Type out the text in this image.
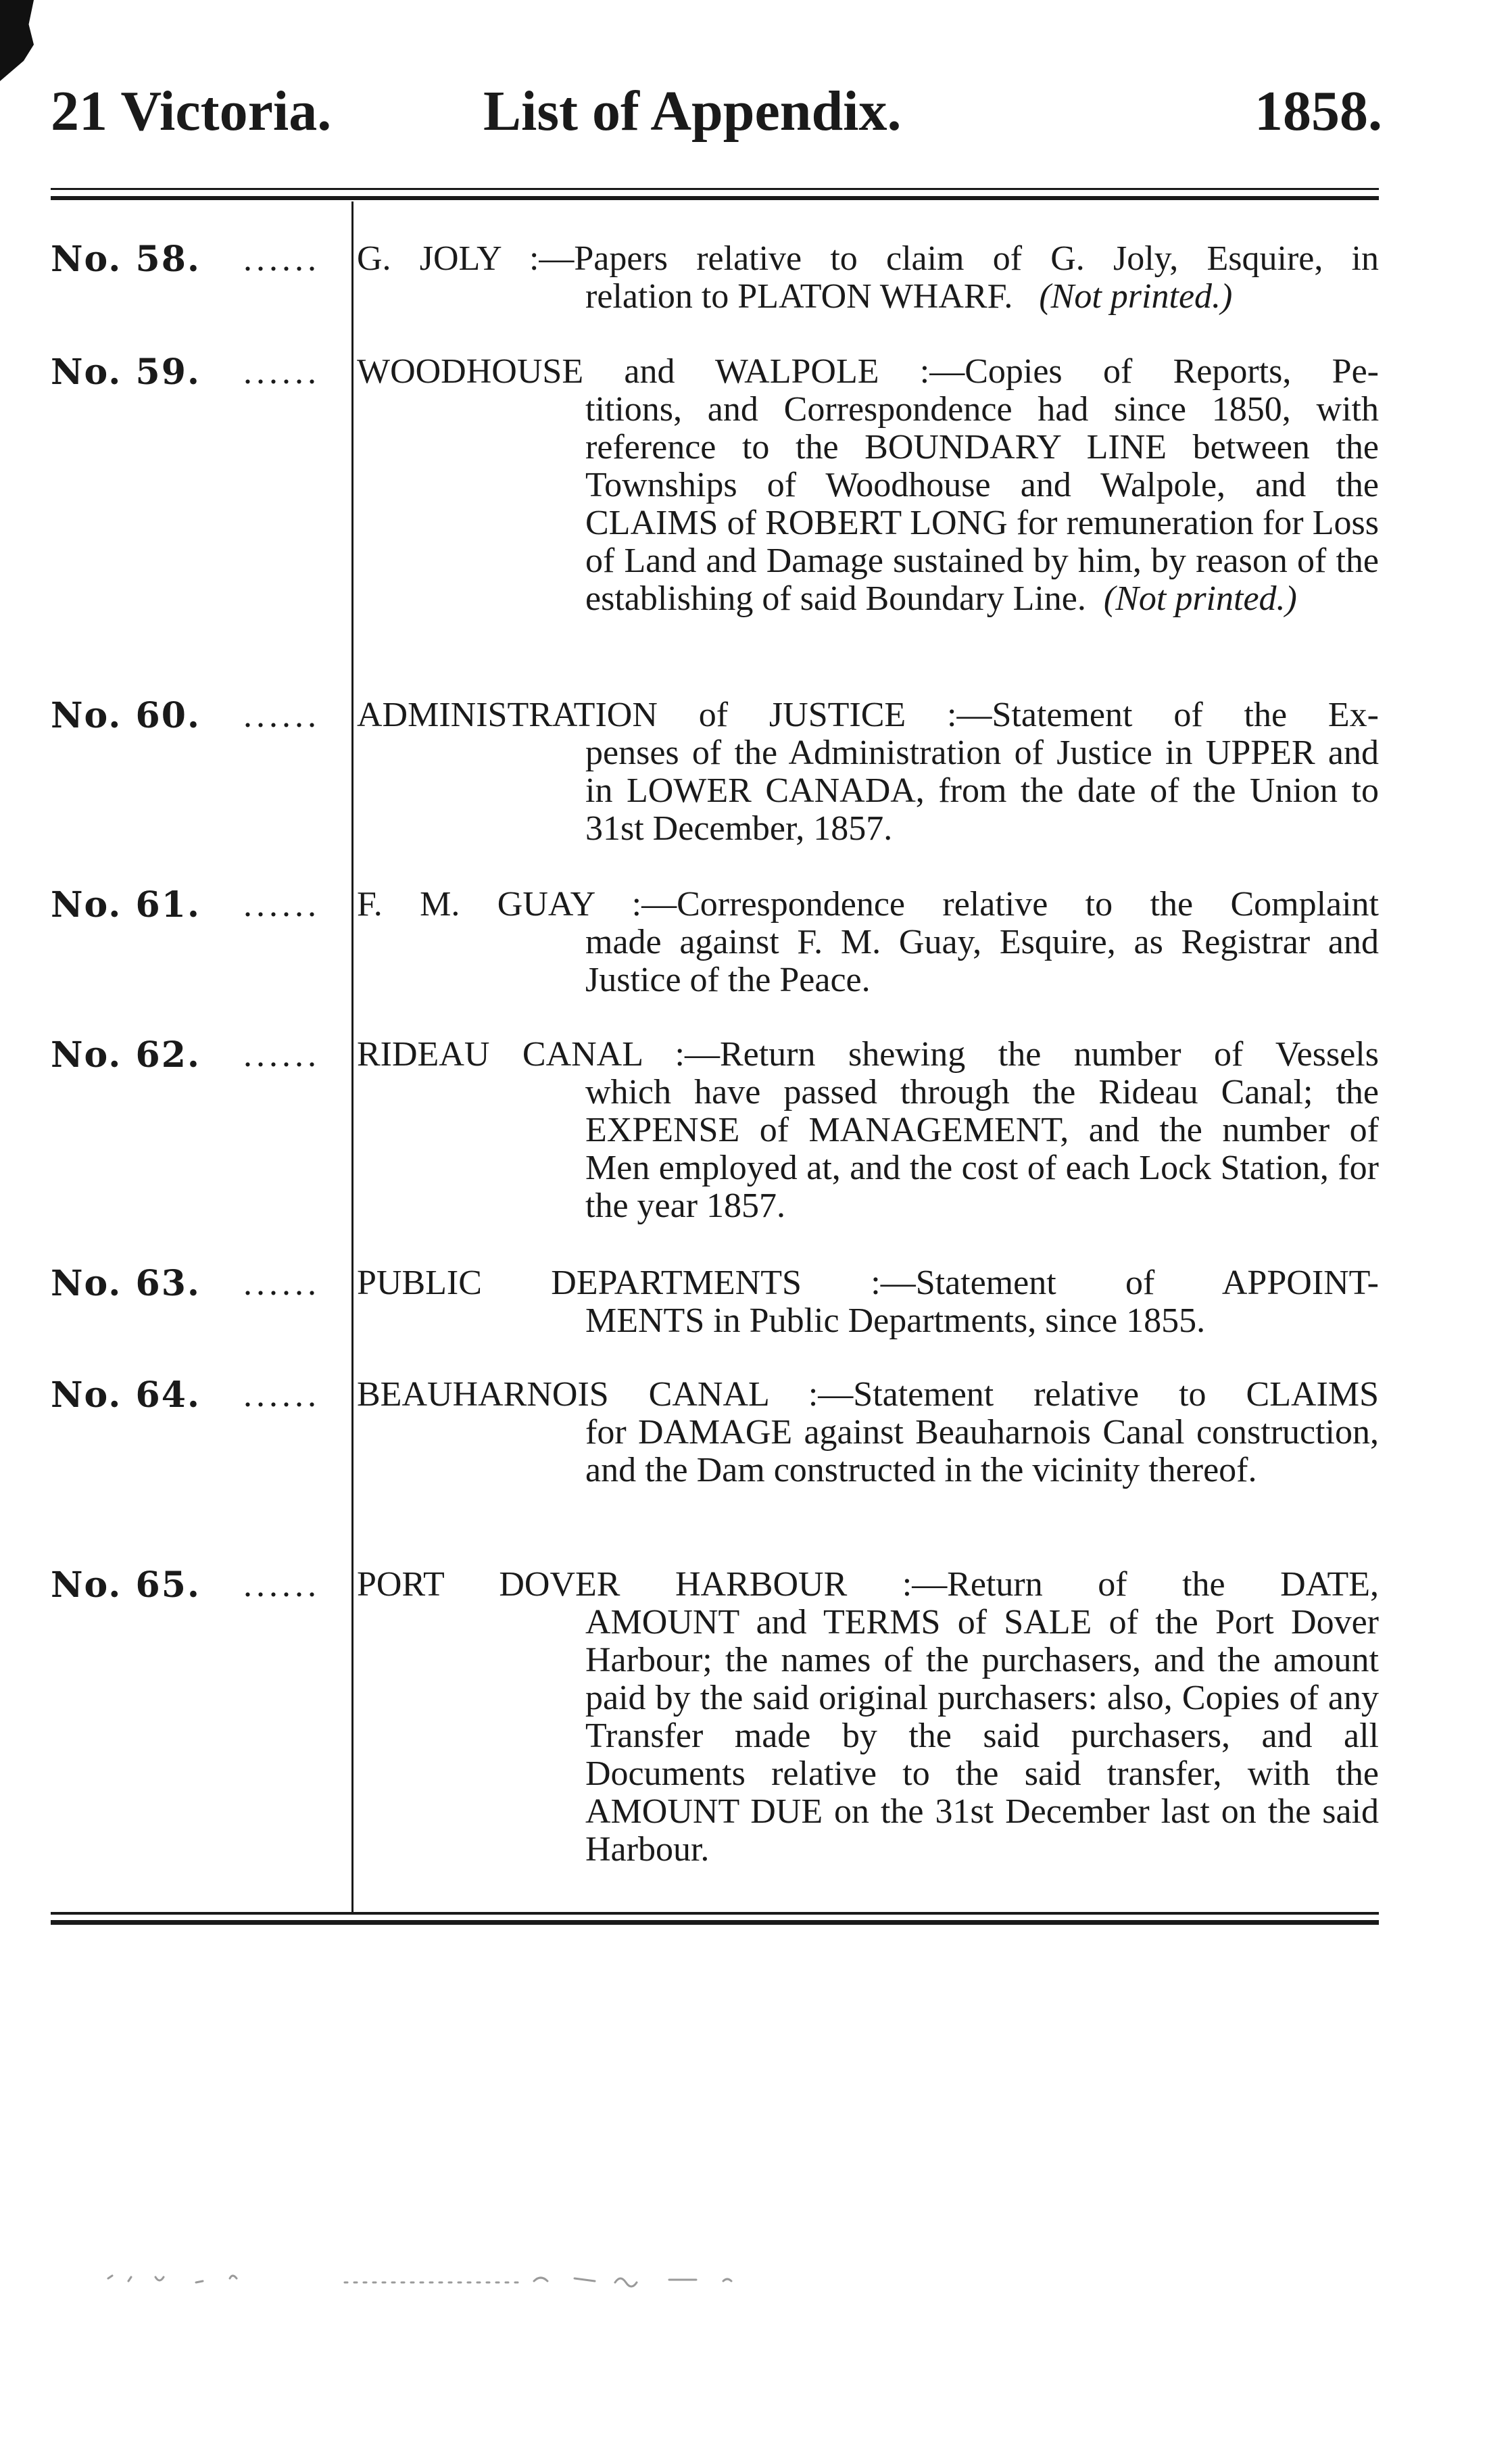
21 Victoria.	List of Appendix.	1858.
No. 58. ...... G. JOLY :—Papers relative to claim of G. Joly, Esquire, in
relation to PLATON WHARF. (Not printed.)
No. 59. ...... WOODHOUSE and WALPOLE :—Copies of Reports, Pe-
titions, and Correspondence had since 1850, with reference to the BOUNDARY LINE between the Townships of Woodhouse and Walpole, and the CLAIMS of ROBERT LONG for remuneration for Loss of Land and Damage sustained by him, by reason of the establishing of said Boundary Line. (Not printed.)
No. 60. ...... ADMINISTRATION of JUSTICE :—Statement of the Ex-
penses of the Administration of Justice in UPPER and in LOWER CANADA, from the date of the Union to 31st December, 1857.
No. 61. ...... F. M. GUAY :—Correspondence relative to the Complaint
made against F. M. Guay, Esquire, as Registrar and Justice of the Peace.
No. 62. ...... RIDEAU CANAL :—Return shewing the number of Vessels
which have passed through the Rideau Canal; the EXPENSE of MANAGEMENT, and the number of Men employed at, and the cost of each Lock Station, for the year 1857.
No. 63. ...... PUBLIC DEPARTMENTS :—Statement of APPOINT-
MENTS in Public Departments, since 1855.
No. 64. ...... BEAUHARNOIS CANAL :—Statement relative to CLAIMS
for DAMAGE against Beauharnois Canal construction, and the Dam constructed in the vicinity thereof.
No. 65. ...... PORT DOVER HARBOUR :—Return of the DATE,
AMOUNT and TERMS of SALE of the Port Dover Harbour; the names of the purchasers, and the amount paid by the said original purchasers: also, Copies of any Transfer made by the said purchasers, and all Documents relative to the said transfer, with the AMOUNT DUE on the 31st December last on the said Harbour.
